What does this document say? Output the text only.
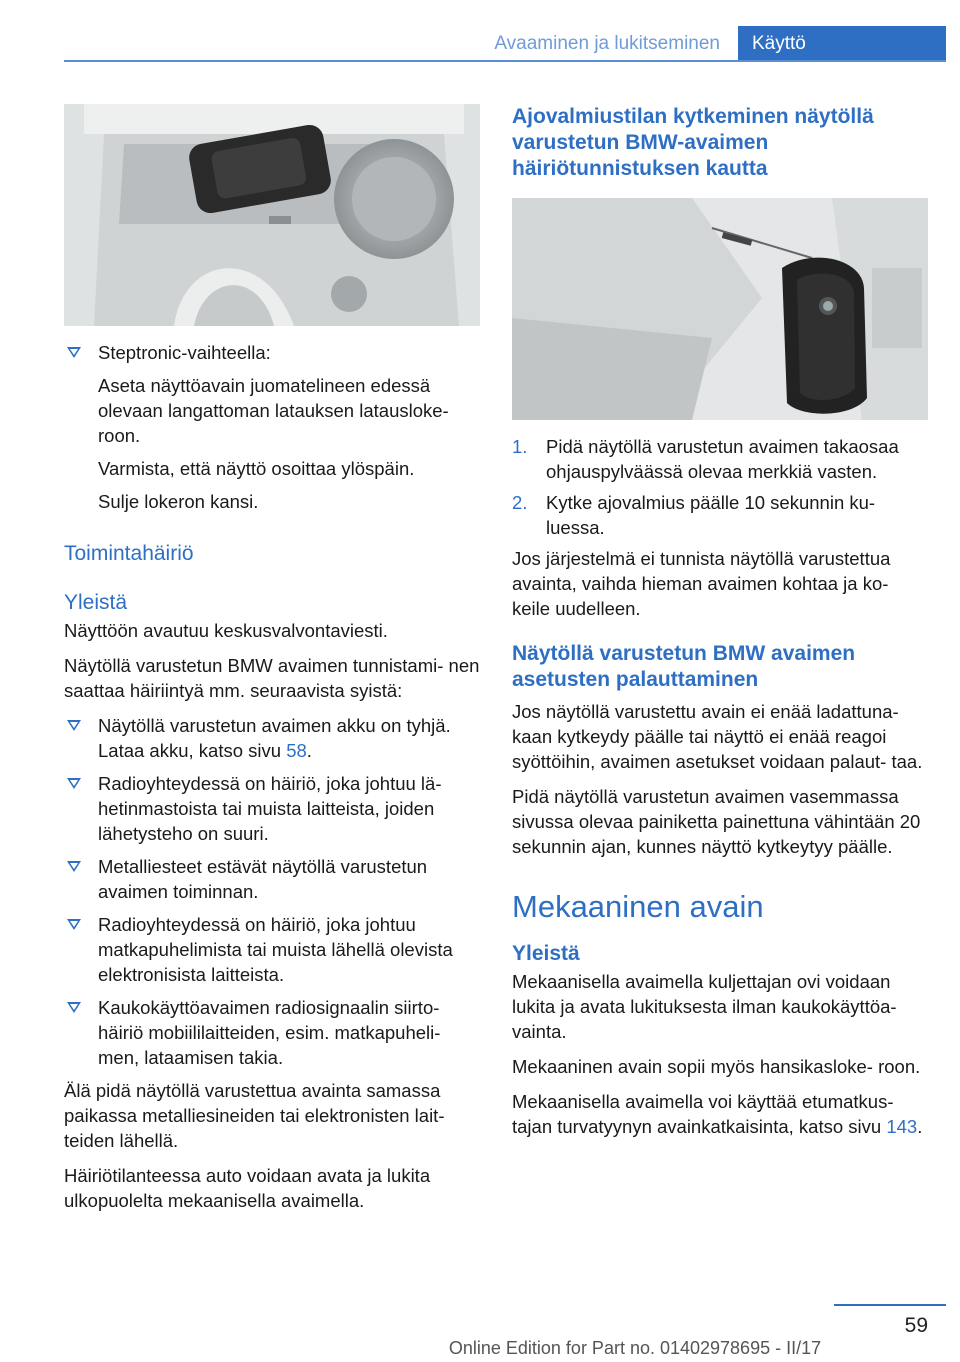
Avaaminen ja lukitseminen	Käyttö

Steptronic-vaihteella:

Aseta näyttöavain juomatelineen edessä olevaan langattoman latauksen latausloke‐ roon.

Varmista, että näyttö osoittaa ylöspäin.

Sulje lokeron kansi.

Toimintahäiriö
Yleistä

Näyttöön avautuu keskusvalvontaviesti.

Näytöllä varustetun BMW avaimen tunnistami‐ nen saattaa häiriintyä mm. seuraavista syistä:

Näytöllä varustetun avaimen akku on tyhjä. Lataa akku, katso sivu 58.
Radioyhteydessä on häiriö, joka johtuu lä‐ hetinmastoista tai muista laitteista, joiden lähetysteho on suuri.
Metalliesteet estävät näytöllä varustetun avaimen toiminnan.
Radioyhteydessä on häiriö, joka johtuu matkapuhelimista tai muista lähellä olevista elektronisista laitteista.
Kaukokäyttöavaimen radiosignaalin siirto‐ häiriö mobiililaitteiden, esim. matkapuheli‐ men, lataamisen takia.

Älä pidä näytöllä varustettua avainta samassa paikassa metalliesineiden tai elektronisten lait‐ teiden lähellä.

Häiriötilanteessa auto voidaan avata ja lukita ulkopuolelta mekaanisella avaimella.

Ajovalmiustilan kytkeminen näytöllä varustetun BMW-avaimen häiriötunnistuksen kautta
1. Pidä näytöllä varustetun avaimen takaosaa ohjauspylväässä olevaa merkkiä vasten.
2. Kytke ajovalmius päälle 10 sekunnin ku‐ luessa.

Jos järjestelmä ei tunnista näytöllä varustettua avainta, vaihda hieman avaimen kohtaa ja ko‐ keile uudelleen.

Näytöllä varustetun BMW avaimen asetusten palauttaminen

Jos näytöllä varustettu avain ei enää ladattuna‐ kaan kytkeydy päälle tai näyttö ei enää reagoi syöttöihin, avaimen asetukset voidaan palaut‐ taa.

Pidä näytöllä varustetun avaimen vasemmassa sivussa olevaa painiketta painettuna vähintään 20 sekunnin ajan, kunnes näyttö kytkeytyy päälle.

Mekaaninen avain
Yleistä

Mekaanisella avaimella kuljettajan ovi voidaan lukita ja avata lukituksesta ilman kaukokäyttöa‐ vainta.

Mekaaninen avain sopii myös hansikasloke‐ roon.

Mekaanisella avaimella voi käyttää etumatkus‐ tajan turvatyynyn avainkatkaisinta, katso sivu 143.

59
Online Edition for Part no. 01402978695 - II/17
